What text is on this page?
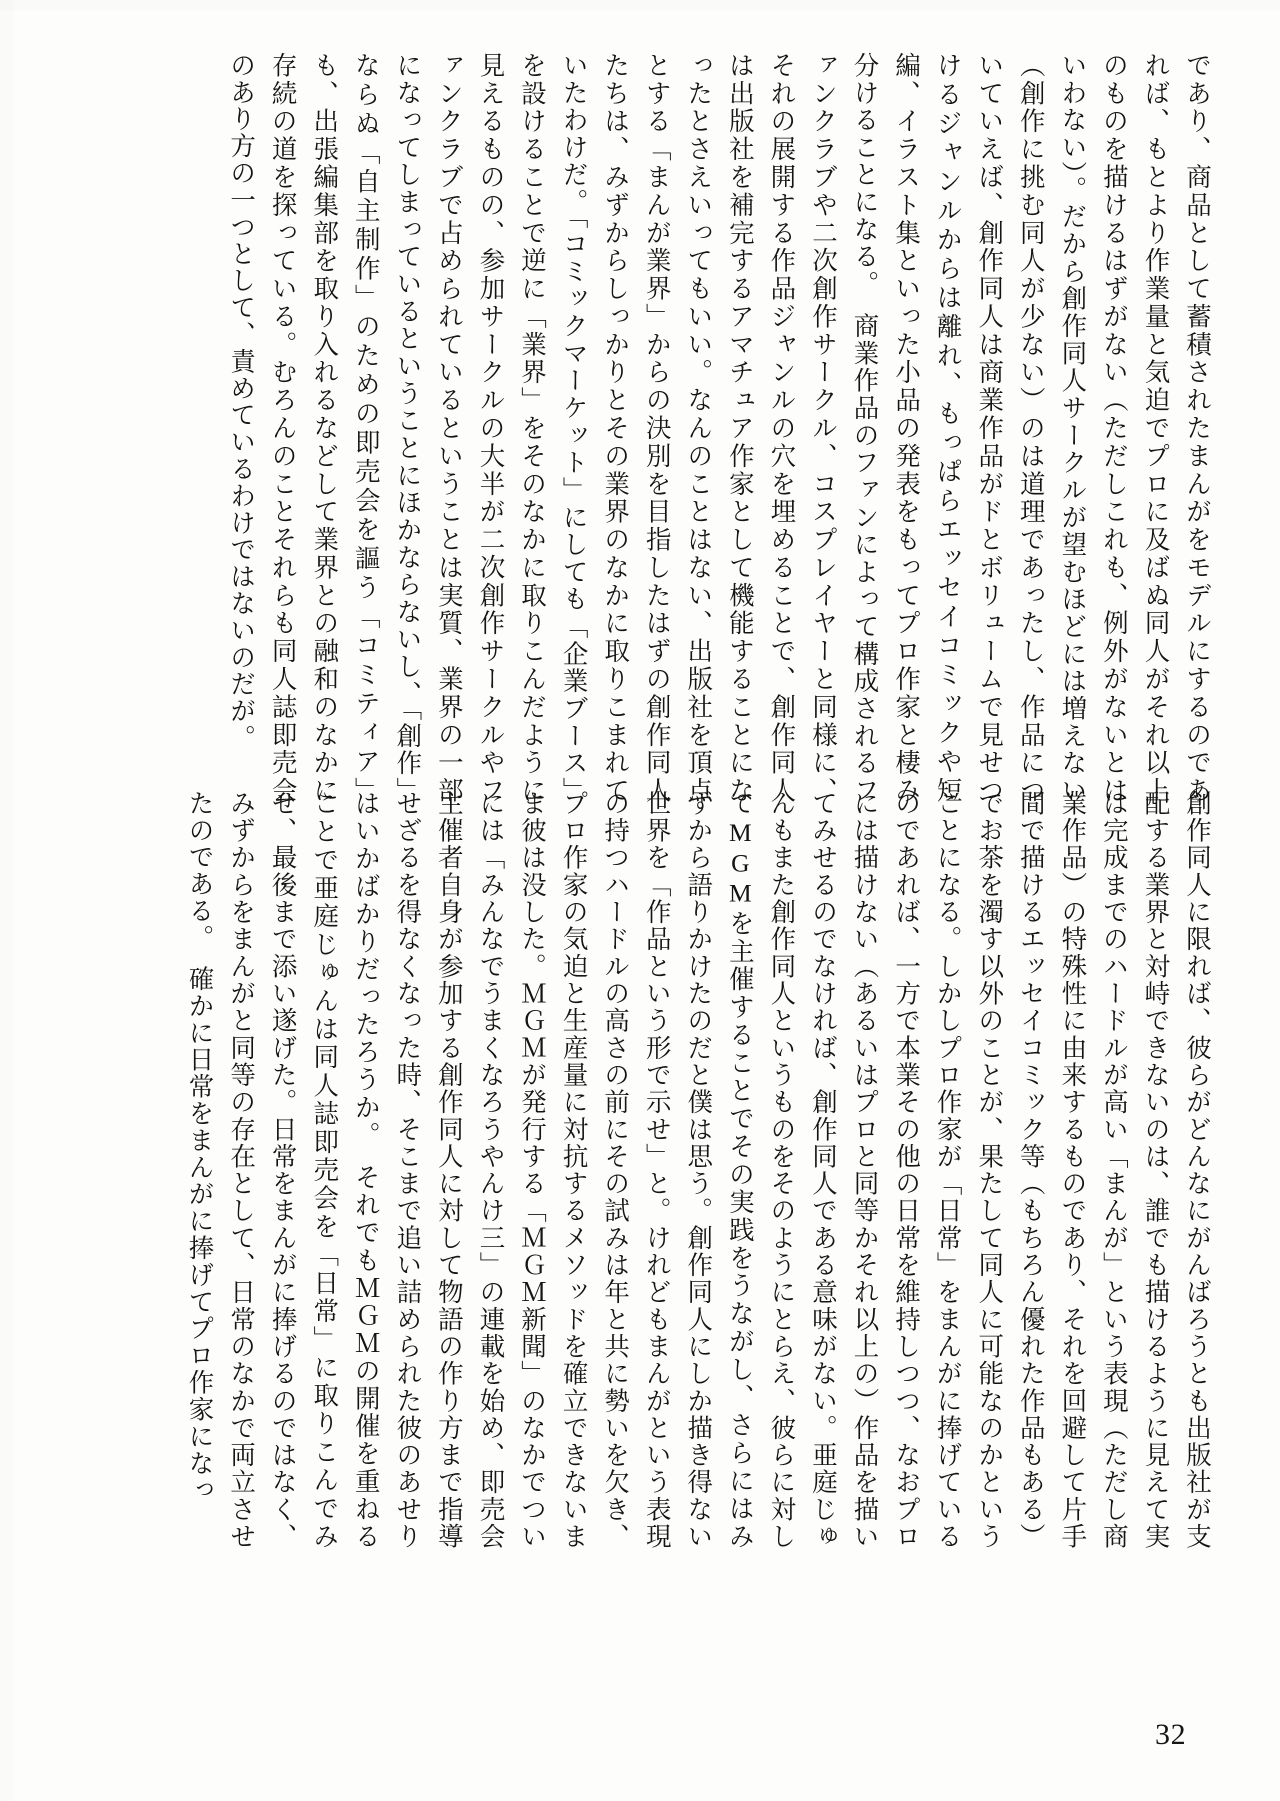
であり、商品として蓄積されたまんがをモデルにするのであれば、もとより作業量と気迫でプロに及ばぬ同人がそれ以上のものを描けるはずがない（ただしこれも、例外がないとはいわない）。だから創作同人サークルが望むほどには増えない（創作に挑む同人が少ない）のは道理であったし、作品についていえば、創作同人は商業作品がドとボリュームで見せつけるジャンルからは離れ、もっぱらエッセイコミックや短編、イラスト集といった小品の発表をもってプロ作家と棲み分けることになる。　商業作品のファンによって構成されるファンクラブや二次創作サークル、コスプレイヤーと同様に、それの展開する作品ジャンルの穴を埋めることで、創作同人は出版社を補完するアマチュア作家として機能することになったとさえいってもいい。なんのことはない、出版社を頂点とする「まんが業界」からの決別を目指したはずの創作同人たちは、みずからしっかりとその業界のなかに取りこまれていたわけだ。「コミックマーケット」にしても「企業ブース」を設けることで逆に「業界」をそのなかに取りこんだように見えるものの、参加サークルの大半が二次創作サークルやファンクラブで占められているということは実質、業界の一部になってしまっているということにほかならないし、「創作」ならぬ「自主制作」のための即売会を謳う「コミティア」も、出張編集部を取り入れるなどして業界との融和のなかに存続の道を探っている。むろんのことそれらも同人誌即売会のあり方の一つとして、責めているわけではないのだが。

創作同人に限れば、彼らがどんなにがんばろうとも出版社が支配する業界と対峙できないのは、誰でも描けるように見えて実は完成までのハードルが高い「まんが」という表現（ただし商業作品）の特殊性に由来するものであり、それを回避して片手間で描けるエッセイコミック等（もちろん優れた作品もある）でお茶を濁す以外のことが、果たして同人に可能なのかということになる。しかしプロ作家が「日常」をまんがに捧げているのであれば、一方で本業その他の日常を維持しつつ、なおプロには描けない（あるいはプロと同等かそれ以上の）作品を描いてみせるのでなければ、創作同人である意味がない。亜庭じゅんもまた創作同人というものをそのようにとらえ、彼らに対してMGMを主催することでその実践をうながし、さらにはみずから語りかけたのだと僕は思う。創作同人にしか描き得ない世界を「作品という形で示せ」と。けれどもまんがという表現の持つハードルの高さの前にその試みは年と共に勢いを欠き、プロ作家の気迫と生産量に対抗するメソッドを確立できないまま彼は没した。ＭＧＭが発行する「ＭＧＭ新聞」のなかでついには「みんなでうまくなろうやんけ三」の連載を始め、即売会主催者自身が参加する創作同人に対して物語の作り方まで指導せざるを得なくなった時、そこまで追い詰められた彼のあせりはいかばかりだったろうか。　それでもＭＧＭの開催を重ねることで亜庭じゅんは同人誌即売会を「日常」に取りこんでみせ、最後まで添い遂げた。日常をまんがに捧げるのではなく、みずからをまんがと同等の存在として、日常のなかで両立させたのである。　確かに日常をまんがに捧げてプロ作家になっ

32
